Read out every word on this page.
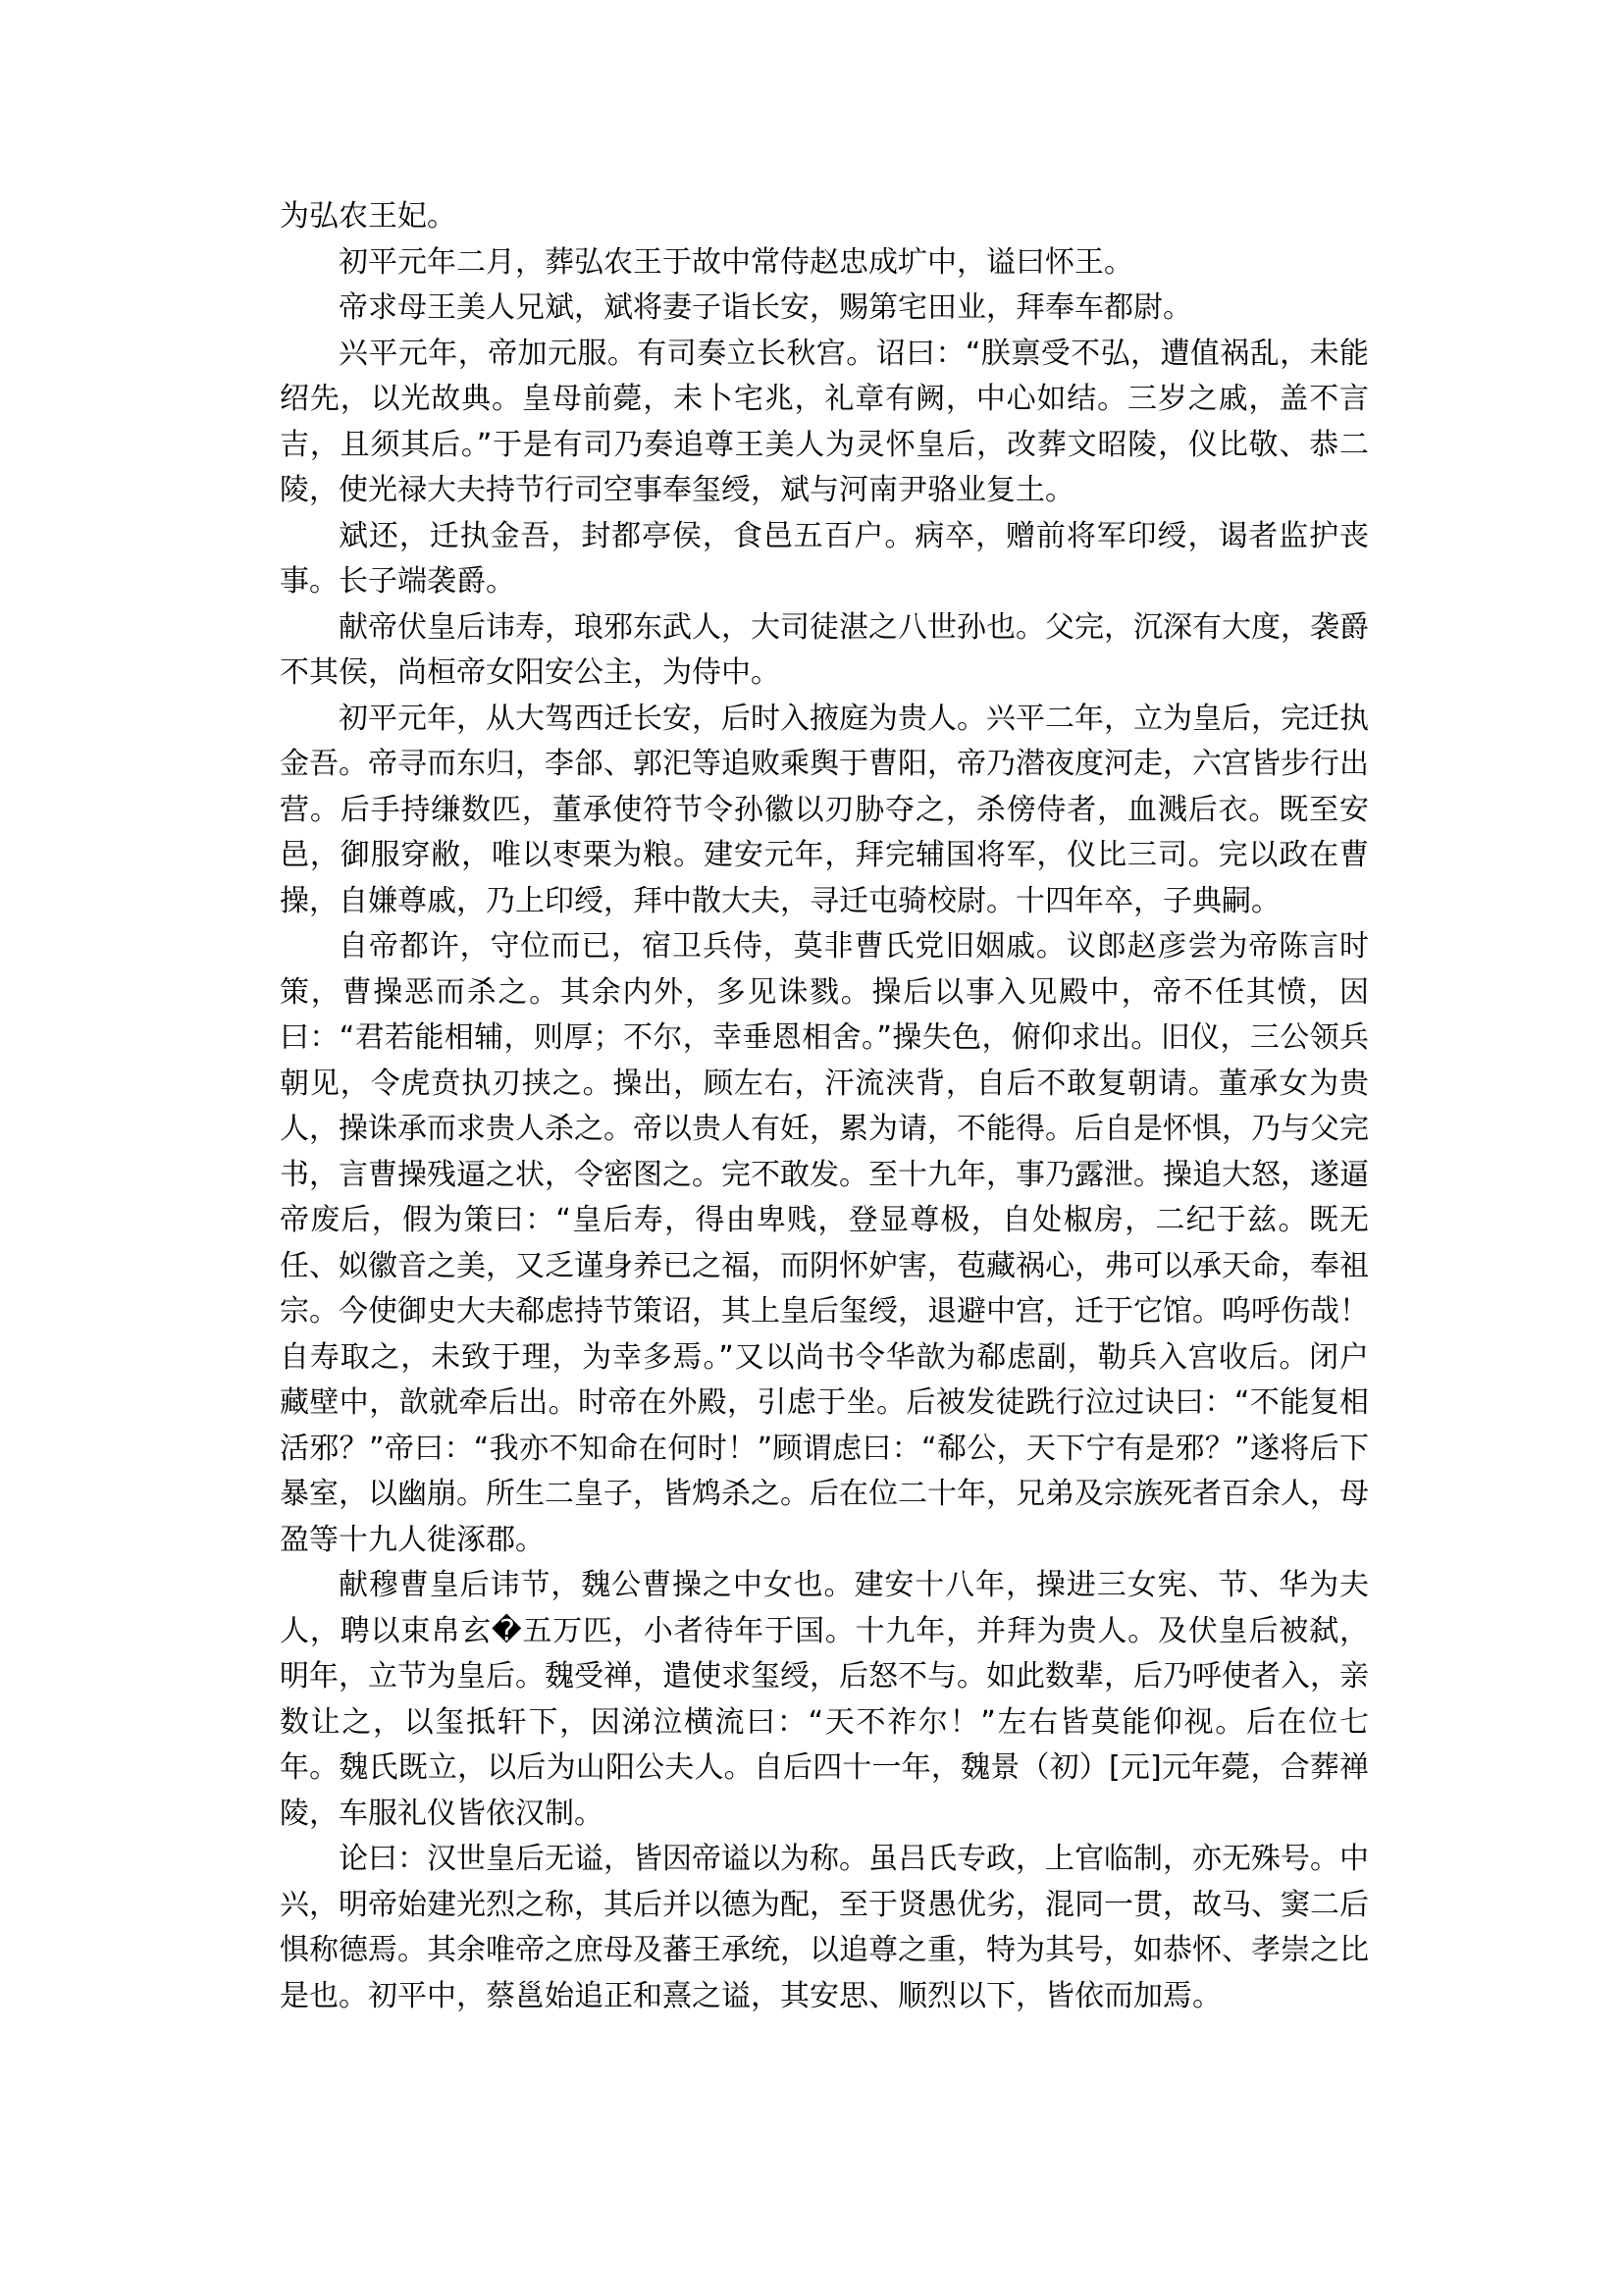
为弘农王妃。

初平元年二月，葬弘农王于故中常侍赵忠成圹中，谥曰怀王。

帝求母王美人兄斌，斌将妻子诣长安，赐第宅田业，拜奉车都尉。

兴平元年，帝加元服。有司奏立长秋宫。诏曰：“朕禀受不弘，遭值祸乱，未能绍先，以光故典。皇母前薨，未卜宅兆，礼章有阙，中心如结。三岁之戚，盖不言吉，且须其后。”于是有司乃奏追尊王美人为灵怀皇后，改葬文昭陵，仪比敬、恭二陵，使光禄大夫持节行司空事奉玺绶，斌与河南尹骆业复土。

斌还，迁执金吾，封都亭侯，食邑五百户。病卒，赠前将军印绶，谒者监护丧事。长子端袭爵。

献帝伏皇后讳寿，琅邪东武人，大司徒湛之八世孙也。父完，沉深有大度，袭爵不其侯，尚桓帝女阳安公主，为侍中。

初平元年，从大驾西迁长安，后时入掖庭为贵人。兴平二年，立为皇后，完迁执金吾。帝寻而东归，李郃、郭汜等追败乘舆于曹阳，帝乃潜夜度河走，六宫皆步行出营。后手持缣数匹，董承使符节令孙徽以刃胁夺之，杀傍侍者，血溅后衣。既至安邑，御服穿敝，唯以枣栗为粮。建安元年，拜完辅国将军，仪比三司。完以政在曹操，自嫌尊戚，乃上印绶，拜中散大夫，寻迁屯骑校尉。十四年卒，子典嗣。

自帝都许，守位而已，宿卫兵侍，莫非曹氏党旧姻戚。议郎赵彦尝为帝陈言时策，曹操恶而杀之。其余内外，多见诛戮。操后以事入见殿中，帝不任其愤，因曰：“君若能相辅，则厚；不尔，幸垂恩相舍。”操失色，俯仰求出。旧仪，三公领兵朝见，令虎贲执刃挟之。操出，顾左右，汗流浃背，自后不敢复朝请。董承女为贵人，操诛承而求贵人杀之。帝以贵人有妊，累为请，不能得。后自是怀惧，乃与父完书，言曹操残逼之状，令密图之。完不敢发。至十九年，事乃露泄。操追大怒，遂逼帝废后，假为策曰：“皇后寿，得由卑贱，登显尊极，自处椒房，二纪于兹。既无任、姒徽音之美，又乏谨身养已之福，而阴怀妒害，苞藏祸心，弗可以承天命，奉祖　宗。今使御史大夫郗虑持节策诏，其上皇后玺绶，退避中宫，迁于它馆。呜呼伤哉！自寿取之，未致于理，为幸多焉。”又以尚书令华歆为郗虑副，勒兵入宫收后。闭户藏壁中，歆就牵后出。时帝在外殿，引虑于坐。后被发徒跣行泣过诀曰：“不能复相活邪？”帝曰：“我亦不知命在何时！”顾谓虑曰：“郗公，天下宁有是邪？”遂将后下暴室，以幽崩。所生二皇子，皆鸩杀之。后在位二十年，兄弟及宗族死者百余人，母盈等十九人徙涿郡。

献穆曹皇后讳节，魏公曹操之中女也。建安十八年，操进三女宪、节、华为夫人，聘以束帛玄�五万匹，小者待年于国。十九年，并拜为贵人。及伏皇后被弑，明年，立节为皇后。魏受禅，遣使求玺绶，后怒不与。如此数辈，后乃呼使者入，亲数让之，以玺抵轩下，因涕泣横流曰：“天不祚尔！”左右皆莫能仰视。后在位七年。魏氏既立，以后为山阳公夫人。自后四十一年，魏景（初）[元]元年薨，合葬禅陵，车服礼仪皆依汉制。

论曰：汉世皇后无谥，皆因帝谥以为称。虽吕氏专政，上官临制，亦无殊号。中兴，明帝始建光烈之称，其后并以德为配，至于贤愚优劣，混同一贯，故马、窦二后惧称德焉。其余唯帝之庶母及蕃王承统，以追尊之重，特为其号，如恭怀、孝崇之比是也。初平中，蔡邕始追正和熹之谥，其安思、顺烈以下，皆依而加焉。
